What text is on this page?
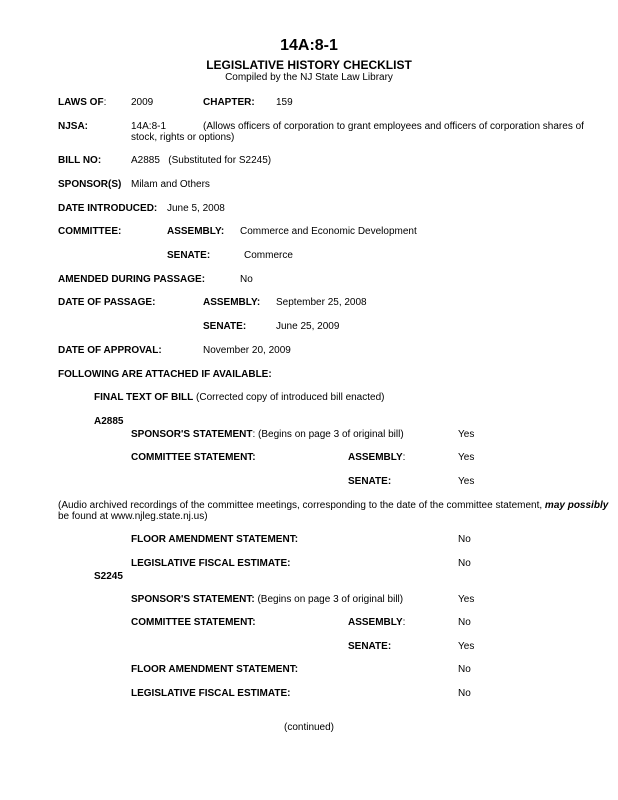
14A:8-1
LEGISLATIVE HISTORY CHECKLIST
Compiled by the NJ State Law Library
LAWS OF: 2009	CHAPTER: 159
NJSA:	14A:8-1	(Allows officers of corporation to grant employees and officers of corporation shares of
stock, rights or options)
BILL NO:	A2885 (Substituted for S2245)
SPONSOR(S) Milam and Others
DATE INTRODUCED: June 5, 2008
COMMITTEE:	ASSEMBLY: Commerce and Economic Development
SENATE:	Commerce
AMENDED DURING PASSAGE:	No
DATE OF PASSAGE:	ASSEMBLY: September 25, 2008
SENATE:	June 25, 2009
DATE OF APPROVAL:	November 20, 2009
FOLLOWING ARE ATTACHED IF AVAILABLE:
FINAL TEXT OF BILL (Corrected copy of introduced bill enacted)
A2885
SPONSOR'S STATEMENT: (Begins on page 3 of original bill)	Yes
COMMITTEE STATEMENT:	ASSEMBLY:	Yes
SENATE:	Yes
(Audio archived recordings of the committee meetings, corresponding to the date of the committee statement, may possibly
be found at www.njleg.state.nj.us)
FLOOR AMENDMENT STATEMENT:	No
LEGISLATIVE FISCAL ESTIMATE:	No
S2245
SPONSOR'S STATEMENT: (Begins on page 3 of original bill)	Yes
COMMITTEE STATEMENT:	ASSEMBLY:	No
SENATE:	Yes
FLOOR AMENDMENT STATEMENT:	No
LEGISLATIVE FISCAL ESTIMATE:	No
(continued)
